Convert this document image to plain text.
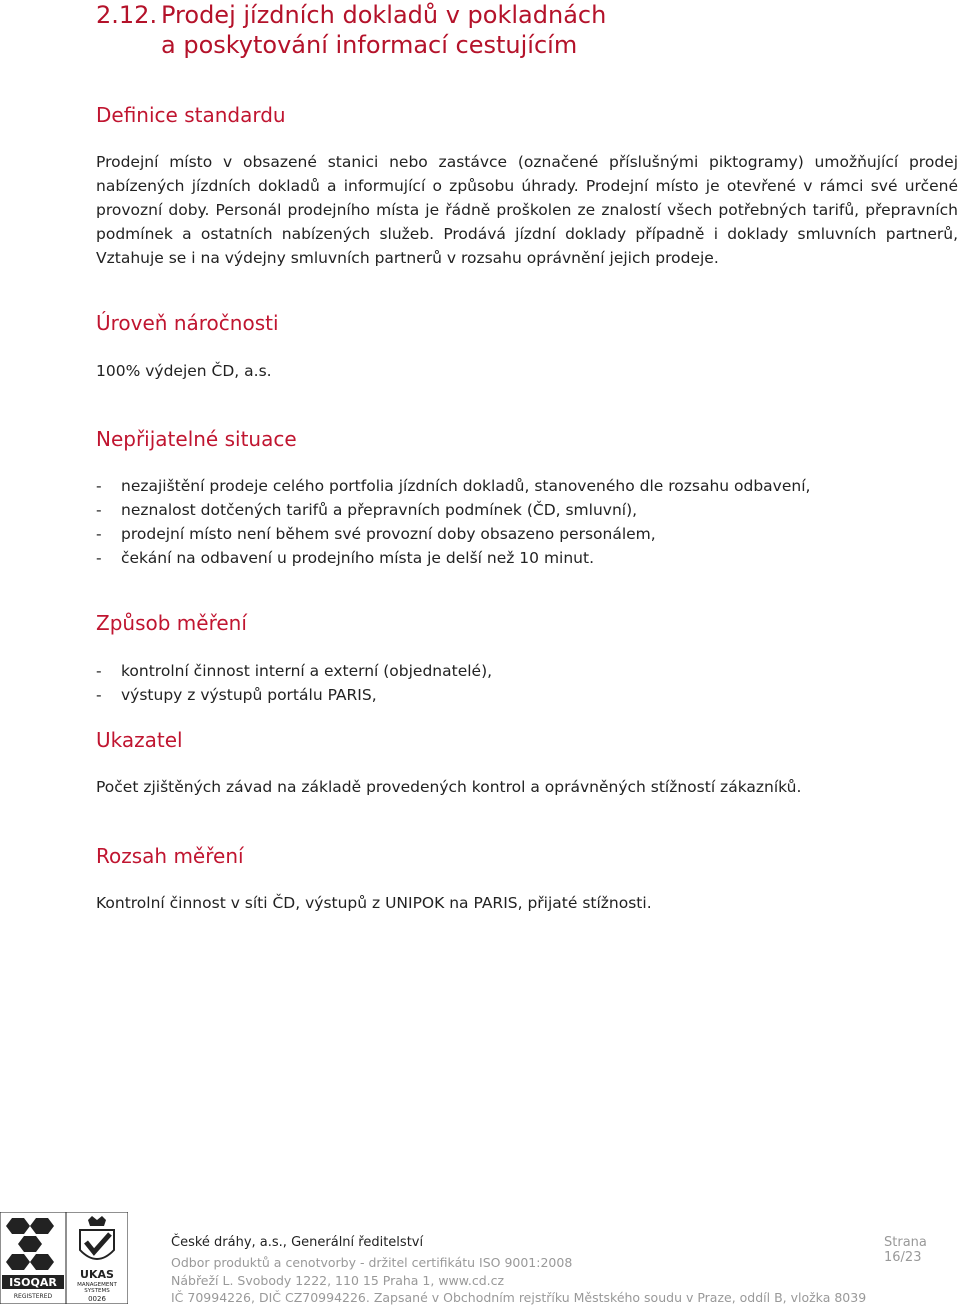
2.12. Prodej jízdních dokladů v pokladnách
a poskytování informací cestujícím
Definice standardu
Prodejní místo v obsazené stanici nebo zastávce (označené příslušnými piktogramy) umožňující prodej nabízených jízdních dokladů a informující o způsobu úhrady. Prodejní místo je otevřené v rámci své určené provozní doby. Personál prodejního místa je řádně proškolen ze znalostí všech potřebných tarifů, přepravních podmínek a ostatních nabízených služeb. Prodává jízdní doklady případně i doklady smluvních partnerů, Vztahuje se i na výdejny smluvních partnerů v rozsahu oprávnění jejich prodeje.
Úroveň náročnosti
100% výdejen ČD, a.s.
Nepřijatelné situace
- nezajištění prodeje celého portfolia jízdních dokladů, stanoveného dle rozsahu odbavení,
- neznalost dotčených tarifů a přepravních podmínek (ČD, smluvní),
- prodejní místo není během své provozní doby obsazeno personálem,
- čekání na odbavení u prodejního místa je delší než 10 minut.
Způsob měření
- kontrolní činnost interní a externí (objednatelé),
- výstupy z výstupů portálu PARIS,
Ukazatel
Počet zjištěných závad na základě provedených kontrol a oprávněných stížností zákazníků.
Rozsah měření
Kontrolní činnost v síti ČD, výstupů z UNIPOK na PARIS, přijaté stížnosti.
ISOQAR
REGISTERED
UKAS
MANAGEMENT
SYSTEMS
0026
České dráhy, a.s., Generální ředitelství	Strana 16/23
Odbor produktů a cenotvorby - držitel certifikátu ISO 9001:2008
Nábřeží L. Svobody 1222, 110 15 Praha 1, www.cd.cz
IČ 70994226, DIČ CZ70994226. Zapsané v Obchodním rejstříku Městského soudu v Praze, oddíl B, vložka 8039
